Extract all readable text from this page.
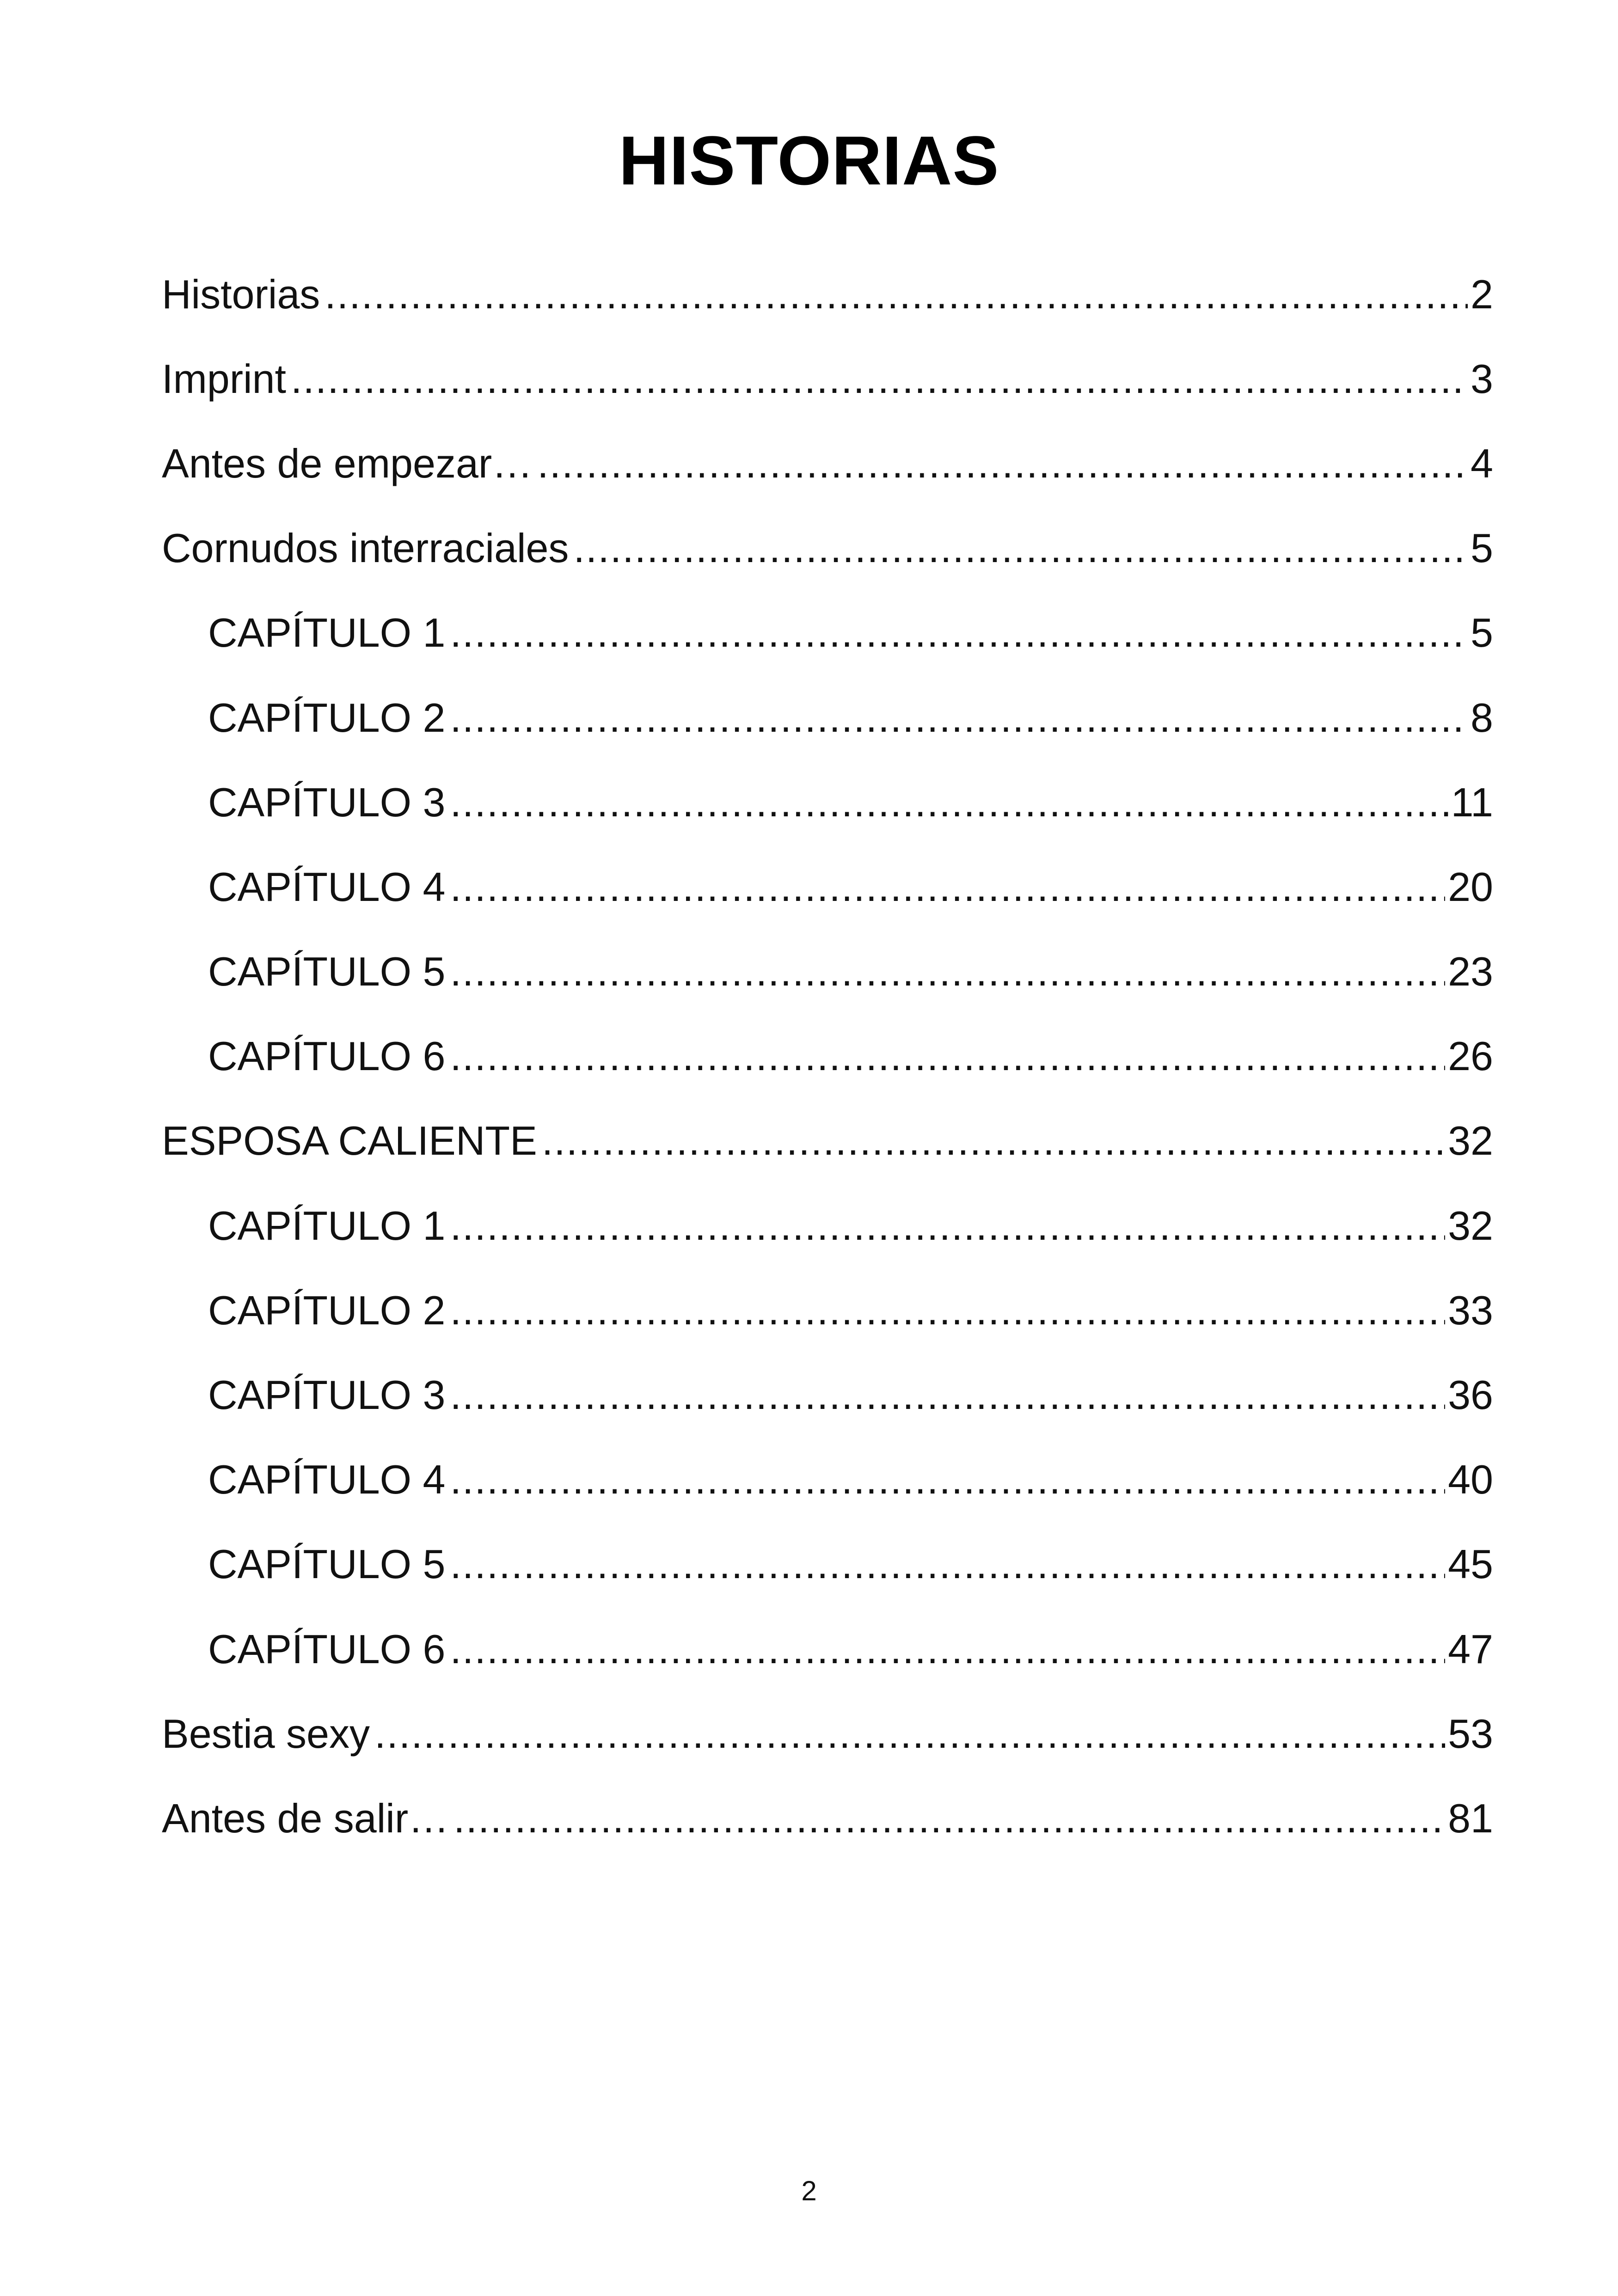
HISTORIAS
Historias .....	2
Imprint .....	3
Antes de empezar… .....	4
Cornudos interraciales .....	5
CAPÍTULO 1 .....	5
CAPÍTULO 2 .....	8
CAPÍTULO 3 .....	11
CAPÍTULO 4 .....	20
CAPÍTULO 5 .....	23
CAPÍTULO 6 .....	26
ESPOSA CALIENTE .....	32
CAPÍTULO 1 .....	32
CAPÍTULO 2 .....	33
CAPÍTULO 3 .....	36
CAPÍTULO 4 .....	40
CAPÍTULO 5 .....	45
CAPÍTULO 6 .....	47
Bestia sexy .....	53
Antes de salir… .....	81
2
